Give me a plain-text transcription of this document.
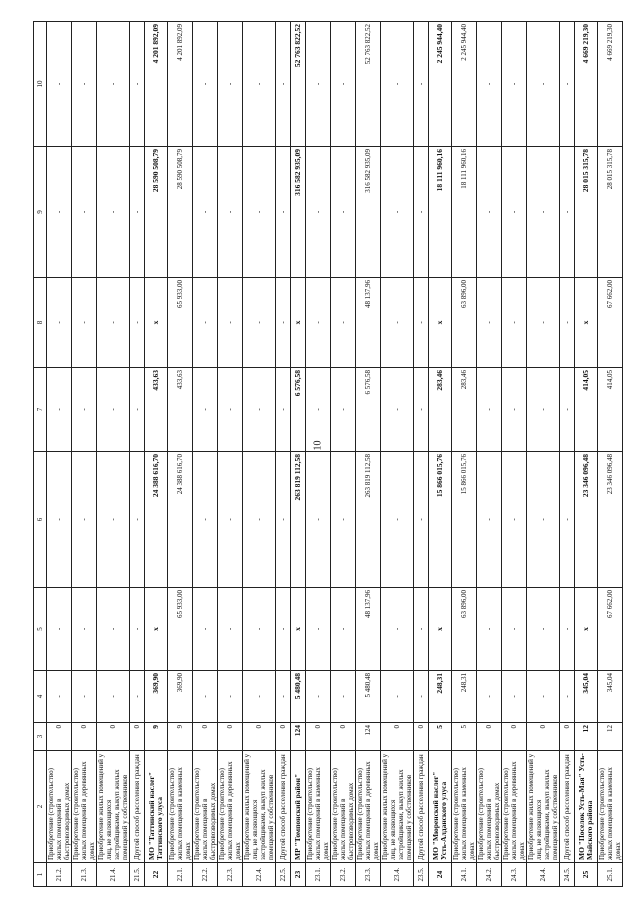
10
1	2	3	4	5	6	7	8	9	10
21.2.	Приобретение (строительство) жилых помещений в быстровозводимых домах	0	-	-	-	-	-	-	-
21.3.	Приобретение (строительство) жилых помещений в деревянных домах	0	-	-	-	-	-	-	-
21.4.	Приобретение жилых помещений у лиц, не являющихся застройщиками, выкуп жилых помещений у собственников	0	-	-	-	-	-	-	-
21.5.	Другой способ расселения граждан	0	-	-	-	-	-	-	-
22	МО "Таттинский наслег" Таттинского улуса	9	369,90	x	24 388 616,70	433,63	x	28 590 508,79	4 201 892,09
22.1.	Приобретение (строительство) жилых помещений в каменных домах	9	369,90	65 933,00	24 388 616,70	433,63	65 933,00	28 590 508,79	4 201 892,09
22.2.	Приобретение (строительство) жилых помещений в быстровозводимых домах	0	-	-	-	-	-	-	-
22.3.	Приобретение (строительство) жилых помещений в деревянных домах	0	-	-	-	-	-	-	-
22.4.	Приобретение жилых помещений у лиц, не являющихся застройщиками, выкуп жилых помещений у собственников	0	-	-	-	-	-	-	-
22.5.	Другой способ расселения граждан	0	-	-	-	-	-	-	-
23	МР "Томпонский район"	124	5 480,48	x	263 819 112,58	6 576,58	x	316 582 935,09	52 763 822,52
23.1.	Приобретение (строительство) жилых помещений в каменных домах	0	-	-	-	-	-	-	-
23.2.	Приобретение (строительство) жилых помещений в быстровозводимых домах	0	-	-	-	-	-	-	-
23.3.	Приобретение (строительство) жилых помещений в деревянных домах	124	5 480,48	48 137,96	263 819 112,58	6 576,58	48 137,96	316 582 935,09	52 763 822,52
23.4.	Приобретение жилых помещений у лиц, не являющихся застройщиками, выкуп жилых помещений у собственников	0	-	-	-	-	-	-	-
23.5.	Другой способ расселения граждан	0	-	-	-	-	-	-	-
24	МО "Мюренский наслег" Усть-Алданского улуса	5	248,31	x	15 866 015,76	283,46	x	18 111 960,16	2 245 944,40
24.1.	Приобретение (строительство) жилых помещений в каменных домах	5	248,31	63 896,00	15 866 015,76	283,46	63 896,00	18 111 960,16	2 245 944,40
24.2.	Приобретение (строительство) жилых помещений в быстровозводимых домах	0	-	-	-	-	-	-	-
24.3.	Приобретение (строительство) жилых помещений в деревянных домах	0	-	-	-	-	-	-	-
24.4.	Приобретение жилых помещений у лиц, не являющихся застройщиками, выкуп жилых помещений у собственников	0	-	-	-	-	-	-	-
24.5.	Другой способ расселения граждан	0	-	-	-	-	-	-	-
25	МО "Поселок Усть-Мая" Усть-Майского района	12	345,04	x	23 346 096,48	414,05	x	28 015 315,78	4 669 219,30
25.1.	Приобретение (строительство) жилых помещений в каменных домах	12	345,04	67 662,00	23 346 096,48	414,05	67 662,00	28 015 315,78	4 669 219,30
